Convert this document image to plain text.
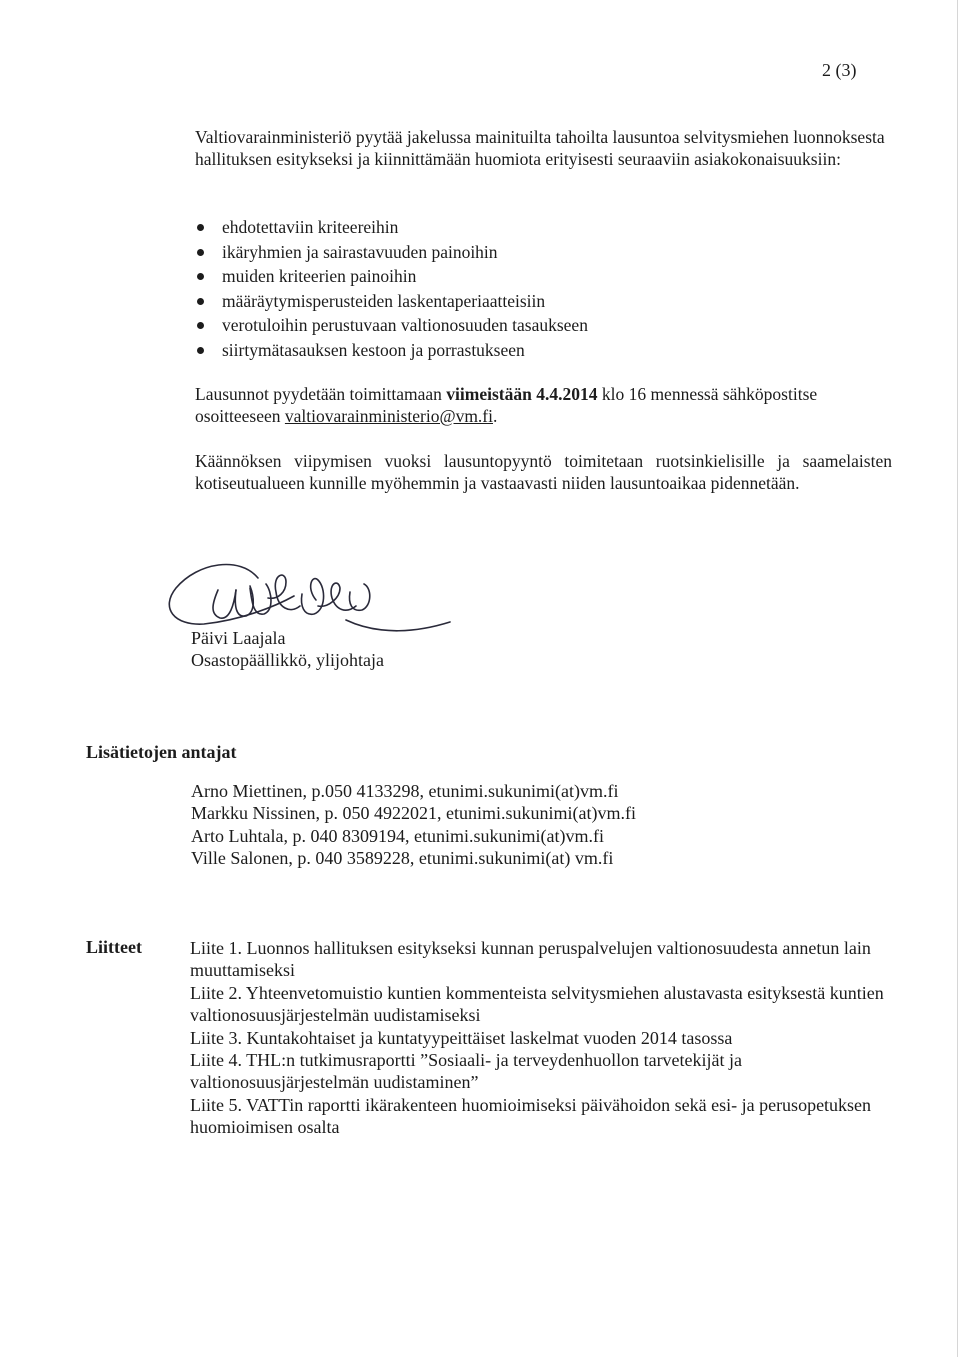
2 (3)
Valtiovarainministeriö pyytää jakelussa mainituilta tahoilta lausuntoa selvitysmiehen luonnoksesta hallituksen esitykseksi ja kiinnittämään huomiota erityisesti seuraaviin asiakokonaisuuksiin:
ehdotettaviin kriteereihin
ikäryhmien ja sairastavuuden painoihin
muiden kriteerien painoihin
määräytymisperusteiden laskentaperiaatteisiin
verotuloihin perustuvaan valtionosuuden tasaukseen
siirtymätasauksen kestoon ja porrastukseen
Lausunnot pyydetään toimittamaan viimeistään 4.4.2014 klo 16 mennessä sähköpostitse osoitteeseen valtiovarainministerio@vm.fi.
Käännöksen viipymisen vuoksi lausuntopyyntö toimitetaan ruotsinkielisille ja saamelaisten kotiseutualueen kunnille myöhemmin ja vastaavasti niiden lausuntoaikaa pidennetään.
Päivi Laajala
Osastopäällikkö, ylijohtaja
Lisätietojen antajat
Arno Miettinen, p.050 4133298, etunimi.sukunimi(at)vm.fi
Markku Nissinen, p. 050 4922021, etunimi.sukunimi(at)vm.fi
Arto Luhtala, p. 040 8309194, etunimi.sukunimi(at)vm.fi
Ville Salonen, p. 040 3589228, etunimi.sukunimi(at) vm.fi
Liitteet	Liite 1. Luonnos hallituksen esitykseksi kunnan peruspalvelujen valtionosuudesta annetun lain muuttamiseksi
Liite 2. Yhteenvetomuistio kuntien kommenteista selvitysmiehen alustavasta esityksestä kuntien valtionosuusjärjestelmän uudistamiseksi
Liite 3. Kuntakohtaiset ja kuntatyypeittäiset laskelmat vuoden 2014 tasossa
Liite 4. THL:n tutkimusraportti ”Sosiaali- ja terveydenhuollon tarvetekijät ja valtionosuusjärjestelmän uudistaminen”
Liite 5. VATTin raportti ikärakenteen huomioimiseksi päivähoidon sekä esi- ja perusopetuksen huomioimisen osalta
